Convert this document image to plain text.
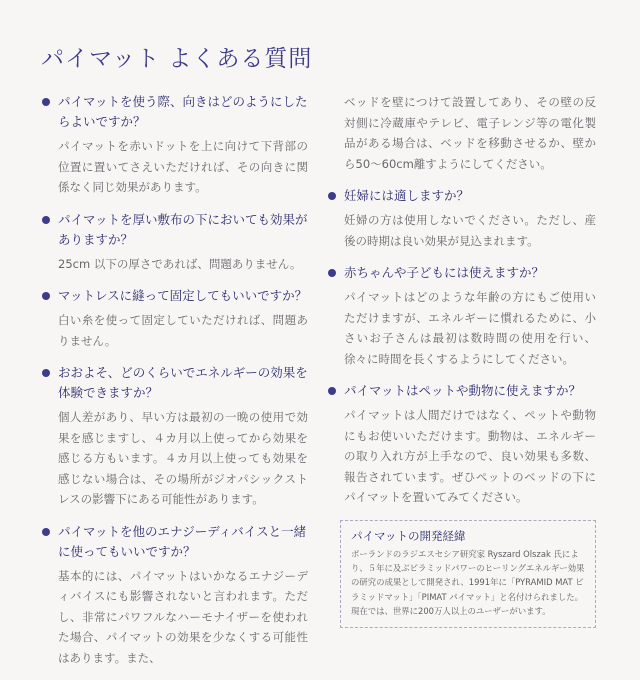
パイマット よくある質問
パイマットを使う際、向きはどのようにしたらよいですか？
パイマットを赤いドットを上に向けて下背部の位置に置いてさえいただければ、その向きに関係なく同じ効果があります。
パイマットを厚い敷布の下においても効果がありますか？
25cm 以下の厚さであれば、問題ありません。
マットレスに縫って固定してもいいですか？
白い糸を使って固定していただければ、問題ありません。
おおよそ、どのくらいでエネルギーの効果を体験できますか？
個人差があり、早い方は最初の一晩の使用で効果を感じますし、４カ月以上使ってから効果を感じる方もいます。４カ月以上使っても効果を感じない場合は、その場所がジオパシックストレスの影響下にある可能性があります。
パイマットを他のエナジーディバイスと一緒に使ってもいいですか？
基本的には、パイマットはいかなるエナジーディバイスにも影響されないと言われます。ただし、非常にパワフルなハーモナイザーを使われた場合、パイマットの効果を少なくする可能性はあります。また、
ベッドを壁につけて設置してあり、その壁の反対側に冷蔵庫やテレビ、電子レンジ等の電化製品がある場合は、ベッドを移動させるか、壁から50～60cm離すようにしてください。
妊婦には適しますか？
妊婦の方は使用しないでください。ただし、産後の時期は良い効果が見込まれます。
赤ちゃんや子どもには使えますか？
パイマットはどのような年齢の方にもご使用いただけますが、エネルギーに慣れるために、小さいお子さんは最初は数時間の使用を行い、徐々に時間を長くするようにしてください。
パイマットはペットや動物に使えますか？
パイマットは人間だけではなく、ペットや動物にもお使いいただけます。動物は、エネルギーの取り入れ方が上手なので、良い効果も多数、報告されています。ぜひペットのベッドの下にパイマットを置いてみてください。
パイマットの開発経緯
ポーランドのラジエスセシア研究家 Ryszard Olszak 氏により、５年に及ぶピラミッドパワーのヒーリングエネルギー効果の研究の成果として開発され、1991年に「PYRAMID MAT ピラミッドマット」「PIMAT パイマット」と名付けられました。現在では、世界に200万人以上のユーザーがいます。
